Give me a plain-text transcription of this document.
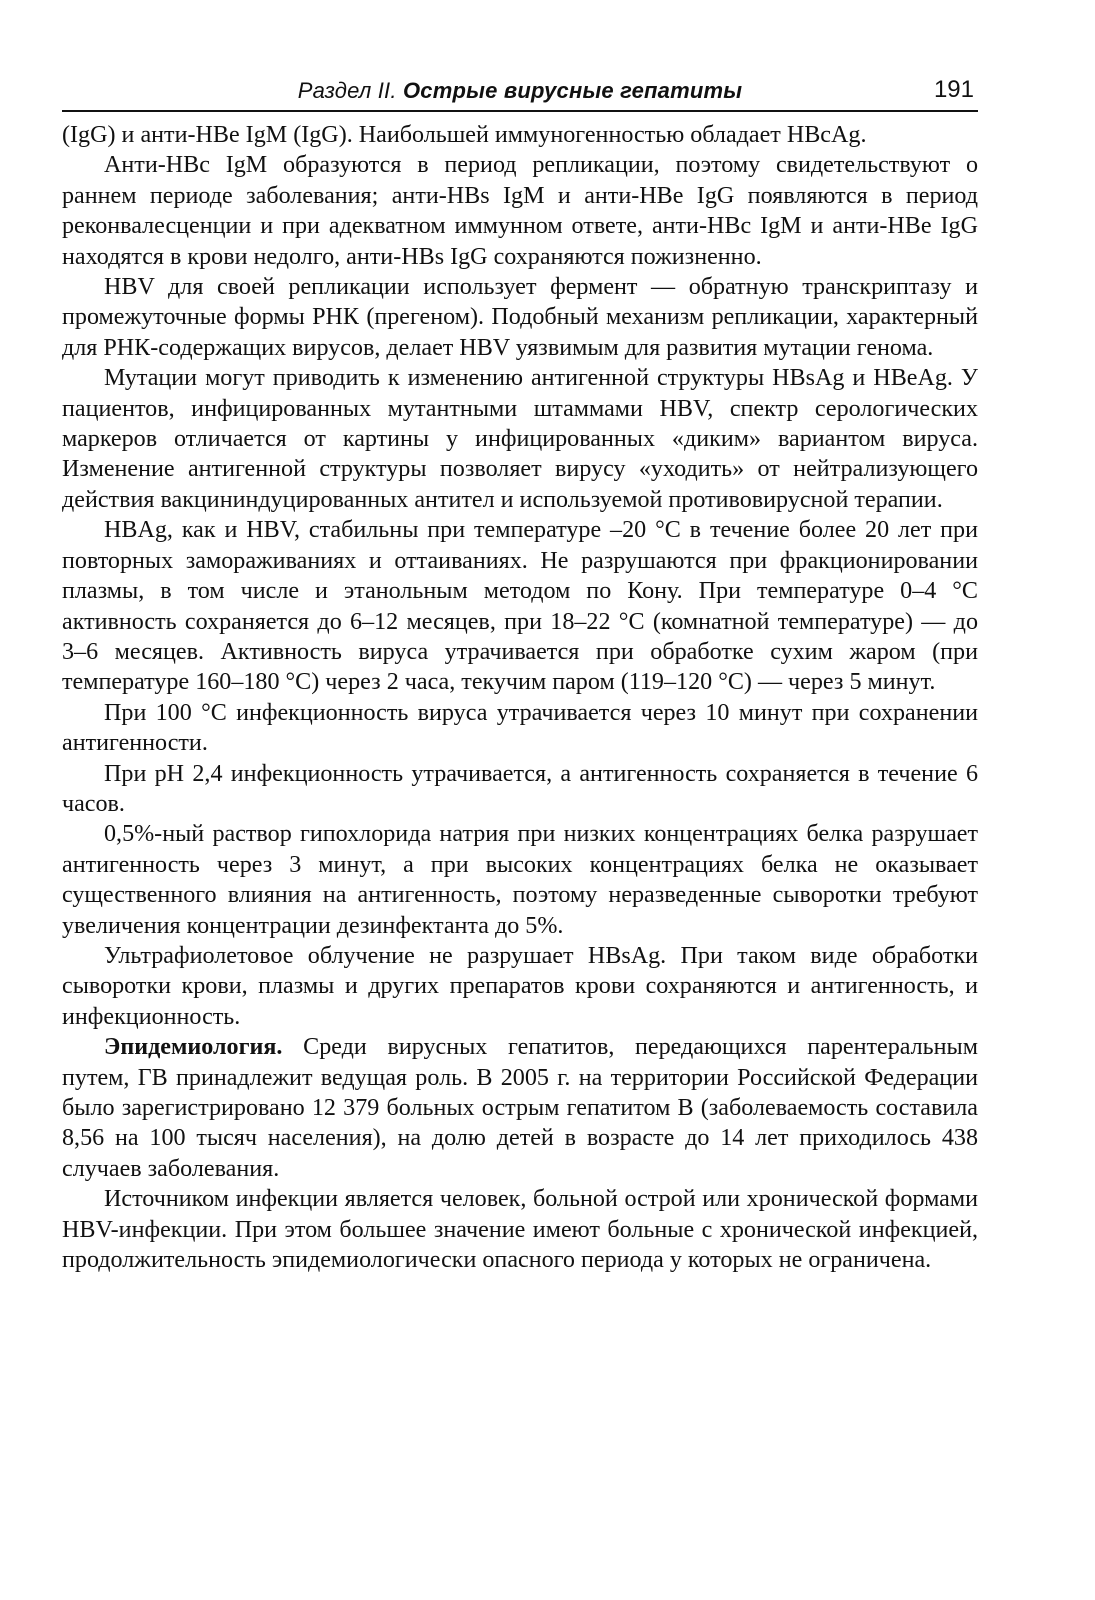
Раздел II. Острые вирусные гепатиты	191

(IgG) и анти-HBe IgM (IgG). Наибольшей иммуногенностью обладает HBcAg.

Анти-HBc IgM образуются в период репликации, поэтому свидетельствуют о раннем периоде заболевания; анти-HBs IgM и анти-HBe IgG появляются в период реконвалесценции и при адекватном иммунном ответе, анти-HBc IgM и анти-HBe IgG находятся в крови недолго, анти-HBs IgG сохраняются пожизненно.

HBV для своей репликации использует фермент — обратную транскриптазу и промежуточные формы РНК (прегеном). Подобный механизм репликации, характерный для РНК-содержащих вирусов, делает HBV уязвимым для развития мутации генома.

Мутации могут приводить к изменению антигенной структуры HBsAg и HBeAg. У пациентов, инфицированных мутантными штаммами HBV, спектр серологических маркеров отличается от картины у инфицированных «диким» вариантом вируса. Изменение антигенной структуры позволяет вирусу «уходить» от нейтрализующего действия вакцининдуцированных антител и используемой противовирусной терапии.

HBAg, как и HBV, стабильны при температуре –20 °С в течение более 20 лет при повторных замораживаниях и оттаиваниях. Не разрушаются при фракционировании плазмы, в том числе и этанольным методом по Кону. При температуре 0–4 °С активность сохраняется до 6–12 месяцев, при 18–22 °С (комнатной температуре) — до 3–6 месяцев. Активность вируса утрачивается при обработке сухим жаром (при температуре 160–180 °С) через 2 часа, текучим паром (119–120 °С) — через 5 минут.

При 100 °С инфекционность вируса утрачивается через 10 минут при сохранении антигенности.

При pH 2,4 инфекционность утрачивается, а антигенность сохраняется в течение 6 часов.

0,5%-ный раствор гипохлорида натрия при низких концентрациях белка разрушает антигенность через 3 минут, а при высоких концентрациях белка не оказывает существенного влияния на антигенность, поэтому неразведенные сыворотки требуют увеличения концентрации дезинфектанта до 5%.

Ультрафиолетовое облучение не разрушает HBsAg. При таком виде обработки сыворотки крови, плазмы и других препаратов крови сохраняются и антигенность, и инфекционность.

Эпидемиология. Среди вирусных гепатитов, передающихся парентеральным путем, ГВ принадлежит ведущая роль. В 2005 г. на территории Российской Федерации было зарегистрировано 12 379 больных острым гепатитом В (заболеваемость составила 8,56 на 100 тысяч населения), на долю детей в возрасте до 14 лет приходилось 438 случаев заболевания.

Источником инфекции является человек, больной острой или хронической формами HBV-инфекции. При этом большее значение имеют больные с хронической инфекцией, продолжительность эпидемиологически опасного периода у которых не ограничена.
